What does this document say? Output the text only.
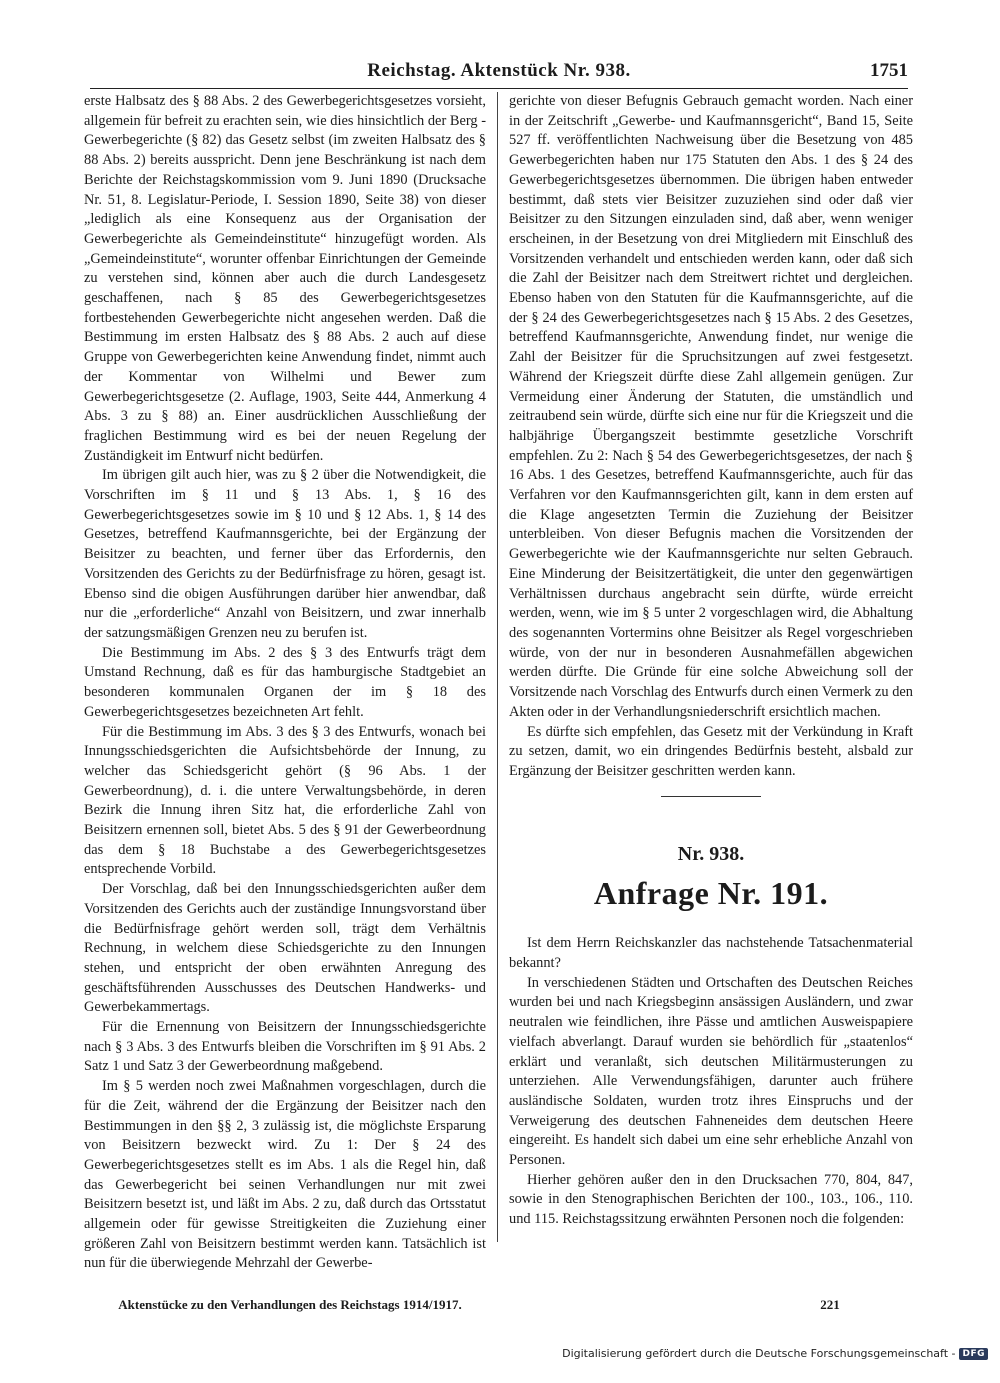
Reichstag. Aktenstück Nr. 938.	1751

erste Halbsatz des § 88 Abs. 2 des Gewerbegerichtsgesetzes vorsieht, allgemein für befreit zu erachten sein, wie dies hinsichtlich der Berg - Gewerbegerichte (§ 82) das Gesetz selbst (im zweiten Halbsatz des § 88 Abs. 2) bereits ausspricht. Denn jene Beschränkung ist nach dem Berichte der Reichstagskommission vom 9. Juni 1890 (Drucksache Nr. 51, 8. Legislatur-Periode, I. Session 1890, Seite 38) von dieser „lediglich als eine Konsequenz aus der Organisation der Gewerbegerichte als Gemeindeinstitute“ hinzugefügt worden. Als „Gemeindeinstitute“, worunter offenbar Einrichtungen der Gemeinde zu verstehen sind, können aber auch die durch Landesgesetz geschaffenen, nach § 85 des Gewerbegerichtsgesetzes fortbestehenden Gewerbegerichte nicht angesehen werden. Daß die Bestimmung im ersten Halbsatz des § 88 Abs. 2 auch auf diese Gruppe von Gewerbegerichten keine Anwendung findet, nimmt auch der Kommentar von Wilhelmi und Bewer zum Gewerbegerichtsgesetze (2. Auflage, 1903, Seite 444, Anmerkung 4 Abs. 3 zu § 88) an. Einer ausdrücklichen Ausschließung der fraglichen Bestimmung wird es bei der neuen Regelung der Zuständigkeit im Entwurf nicht bedürfen.

Im übrigen gilt auch hier, was zu § 2 über die Notwendigkeit, die Vorschriften im § 11 und § 13 Abs. 1, § 16 des Gewerbegerichtsgesetzes sowie im § 10 und § 12 Abs. 1, § 14 des Gesetzes, betreffend Kaufmannsgerichte, bei der Ergänzung der Beisitzer zu beachten, und ferner über das Erfordernis, den Vorsitzenden des Gerichts zu der Bedürfnisfrage zu hören, gesagt ist. Ebenso sind die obigen Ausführungen darüber hier anwendbar, daß nur die „erforderliche“ Anzahl von Beisitzern, und zwar innerhalb der satzungsmäßigen Grenzen neu zu berufen ist.

Die Bestimmung im Abs. 2 des § 3 des Entwurfs trägt dem Umstand Rechnung, daß es für das hamburgische Stadtgebiet an besonderen kommunalen Organen der im § 18 des Gewerbegerichtsgesetzes bezeichneten Art fehlt.

Für die Bestimmung im Abs. 3 des § 3 des Entwurfs, wonach bei Innungsschiedsgerichten die Aufsichtsbehörde der Innung, zu welcher das Schiedsgericht gehört (§ 96 Abs. 1 der Gewerbeordnung), d. i. die untere Verwaltungsbehörde, in deren Bezirk die Innung ihren Sitz hat, die erforderliche Zahl von Beisitzern ernennen soll, bietet Abs. 5 des § 91 der Gewerbeordnung das dem § 18 Buchstabe a des Gewerbegerichtsgesetzes entsprechende Vorbild.

Der Vorschlag, daß bei den Innungsschiedsgerichten außer dem Vorsitzenden des Gerichts auch der zuständige Innungsvorstand über die Bedürfnisfrage gehört werden soll, trägt dem Verhältnis Rechnung, in welchem diese Schiedsgerichte zu den Innungen stehen, und entspricht der oben erwähnten Anregung des geschäftsführenden Ausschusses des Deutschen Handwerks- und Gewerbekammertags.

Für die Ernennung von Beisitzern der Innungsschiedsgerichte nach § 3 Abs. 3 des Entwurfs bleiben die Vorschriften im § 91 Abs. 2 Satz 1 und Satz 3 der Gewerbeordnung maßgebend.

Im § 5 werden noch zwei Maßnahmen vorgeschlagen, durch die für die Zeit, während der die Ergänzung der Beisitzer nach den Bestimmungen in den §§ 2, 3 zulässig ist, die möglichste Ersparung von Beisitzern bezweckt wird. Zu 1: Der § 24 des Gewerbegerichtsgesetzes stellt es im Abs. 1 als die Regel hin, daß das Gewerbegericht bei seinen Verhandlungen nur mit zwei Beisitzern besetzt ist, und läßt im Abs. 2 zu, daß durch das Ortsstatut allgemein oder für gewisse Streitigkeiten die Zuziehung einer größeren Zahl von Beisitzern bestimmt werden kann. Tatsächlich ist nun für die überwiegende Mehrzahl der Gewerbe-

gerichte von dieser Befugnis Gebrauch gemacht worden. Nach einer in der Zeitschrift „Gewerbe- und Kaufmannsgericht“, Band 15, Seite 527 ff. veröffentlichten Nachweisung über die Besetzung von 485 Gewerbegerichten haben nur 175 Statuten den Abs. 1 des § 24 des Gewerbegerichtsgesetzes übernommen. Die übrigen haben entweder bestimmt, daß stets vier Beisitzer zuzuziehen sind oder daß vier Beisitzer zu den Sitzungen einzuladen sind, daß aber, wenn weniger erscheinen, in der Besetzung von drei Mitgliedern mit Einschluß des Vorsitzenden verhandelt und entschieden werden kann, oder daß sich die Zahl der Beisitzer nach dem Streitwert richtet und dergleichen. Ebenso haben von den Statuten für die Kaufmannsgerichte, auf die der § 24 des Gewerbegerichtsgesetzes nach § 15 Abs. 2 des Gesetzes, betreffend Kaufmannsgerichte, Anwendung findet, nur wenige die Zahl der Beisitzer für die Spruchsitzungen auf zwei festgesetzt. Während der Kriegszeit dürfte diese Zahl allgemein genügen. Zur Vermeidung einer Änderung der Statuten, die umständlich und zeitraubend sein würde, dürfte sich eine nur für die Kriegszeit und die halbjährige Übergangszeit bestimmte gesetzliche Vorschrift empfehlen. Zu 2: Nach § 54 des Gewerbegerichtsgesetzes, der nach § 16 Abs. 1 des Gesetzes, betreffend Kaufmannsgerichte, auch für das Verfahren vor den Kaufmannsgerichten gilt, kann in dem ersten auf die Klage angesetzten Termin die Zuziehung der Beisitzer unterbleiben. Von dieser Befugnis machen die Vorsitzenden der Gewerbegerichte wie der Kaufmannsgerichte nur selten Gebrauch. Eine Minderung der Beisitzertätigkeit, die unter den gegenwärtigen Verhältnissen durchaus angebracht sein dürfte, würde erreicht werden, wenn, wie im § 5 unter 2 vorgeschlagen wird, die Abhaltung des sogenannten Vortermins ohne Beisitzer als Regel vorgeschrieben würde, von der nur in besonderen Ausnahmefällen abgewichen werden dürfte. Die Gründe für eine solche Abweichung soll der Vorsitzende nach Vorschlag des Entwurfs durch einen Vermerk zu den Akten oder in der Verhandlungsniederschrift ersichtlich machen.

Es dürfte sich empfehlen, das Gesetz mit der Verkündung in Kraft zu setzen, damit, wo ein dringendes Bedürfnis besteht, alsbald zur Ergänzung der Beisitzer geschritten werden kann.

Nr. 938.
Anfrage Nr. 191.

Ist dem Herrn Reichskanzler das nachstehende Tatsachenmaterial bekannt?

In verschiedenen Städten und Ortschaften des Deutschen Reiches wurden bei und nach Kriegsbeginn ansässigen Ausländern, und zwar neutralen wie feindlichen, ihre Pässe und amtlichen Ausweispapiere vielfach abverlangt. Darauf wurden sie behördlich für „staatenlos“ erklärt und veranlaßt, sich deutschen Militärmusterungen zu unterziehen. Alle Verwendungsfähigen, darunter auch frühere ausländische Soldaten, wurden trotz ihres Einspruchs und der Verweigerung des deutschen Fahneneides dem deutschen Heere eingereiht. Es handelt sich dabei um eine sehr erhebliche Anzahl von Personen.

Hierher gehören außer den in den Drucksachen 770, 804, 847, sowie in den Stenographischen Berichten der 100., 103., 106., 110. und 115. Reichstagssitzung erwähnten Personen noch die folgenden:

Aktenstücke zu den Verhandlungen des Reichstags 1914/1917.	221
Digitalisierung gefördert durch die Deutsche Forschungsgemeinschaft - DFG
